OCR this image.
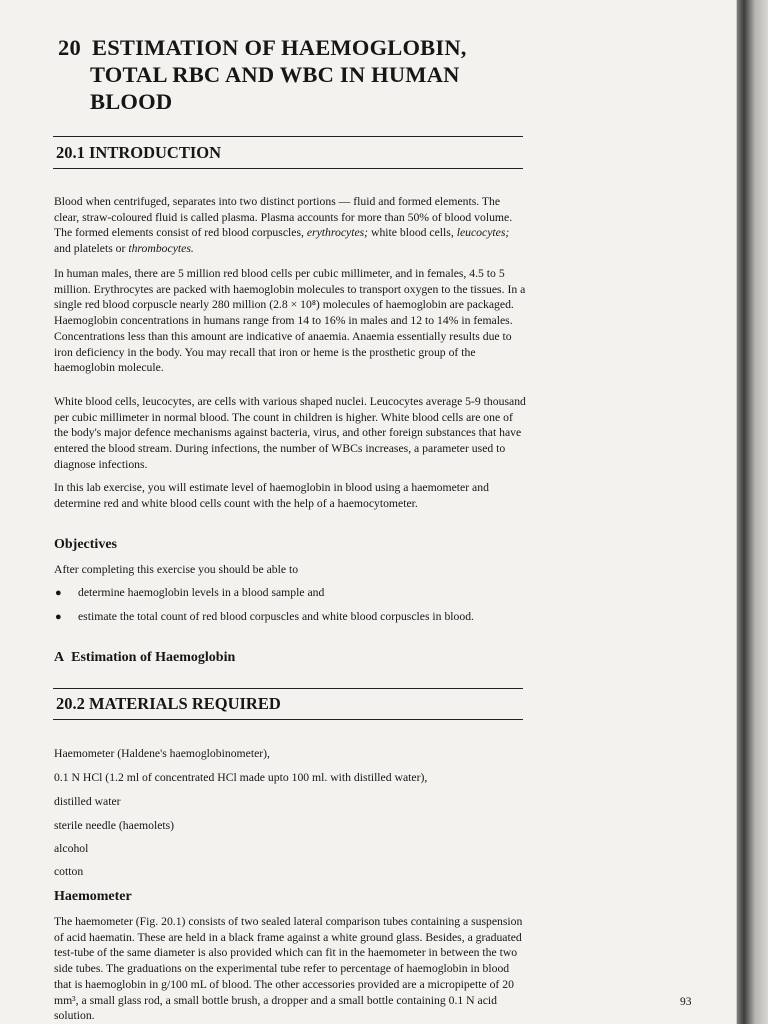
20 ESTIMATION OF HAEMOGLOBIN,
TOTAL RBC AND WBC IN HUMAN
BLOOD
20.1 INTRODUCTION

Blood when centrifuged, separates into two distinct portions — fluid and formed elements. The clear, straw-coloured fluid is called plasma. Plasma accounts for more than 50% of blood volume. The formed elements consist of red blood corpuscles, erythrocytes; white blood cells, leucocytes; and platelets or thrombocytes.

In human males, there are 5 million red blood cells per cubic millimeter, and in females, 4.5 to 5 million. Erythrocytes are packed with haemoglobin molecules to transport oxygen to the tissues. In a single red blood corpuscle nearly 280 million (2.8 × 10⁸) molecules of haemoglobin are packaged. Haemoglobin concentrations in humans range from 14 to 16% in males and 12 to 14% in females. Concentrations less than this amount are indicative of anaemia. Anaemia essentially results due to iron deficiency in the body. You may recall that iron or heme is the prosthetic group of the haemoglobin molecule.

White blood cells, leucocytes, are cells with various shaped nuclei. Leucocytes average 5-9 thousand per cubic millimeter in normal blood. The count in children is higher. White blood cells are one of the body's major defence mechanisms against bacteria, virus, and other foreign substances that have entered the blood stream. During infections, the number of WBCs increases, a parameter used to diagnose infections.

In this lab exercise, you will estimate level of haemoglobin in blood using a haemometer and determine red and white blood cells count with the help of a haemocytometer.

Objectives
After completing this exercise you should be able to
● determine haemoglobin levels in a blood sample and
● estimate the total count of red blood corpuscles and white blood corpuscles in blood.
A Estimation of Haemoglobin
20.2 MATERIALS REQUIRED
Haemometer (Haldene's haemoglobinometer),
0.1 N HCl (1.2 ml of concentrated HCl made upto 100 ml. with distilled water),
distilled water
sterile needle (haemolets)
alcohol
cotton
Haemometer

The haemometer (Fig. 20.1) consists of two sealed lateral comparison tubes containing a suspension of acid haematin. These are held in a black frame against a white ground glass. Besides, a graduated test-tube of the same diameter is also provided which can fit in the haemometer in between the two side tubes. The graduations on the experimental tube refer to percentage of haemoglobin in blood that is haemoglobin in g/100 mL of blood. The other accessories provided are a micropipette of 20 mm³, a small glass rod, a small bottle brush, a dropper and a small bottle containing 0.1 N acid solution.

93
